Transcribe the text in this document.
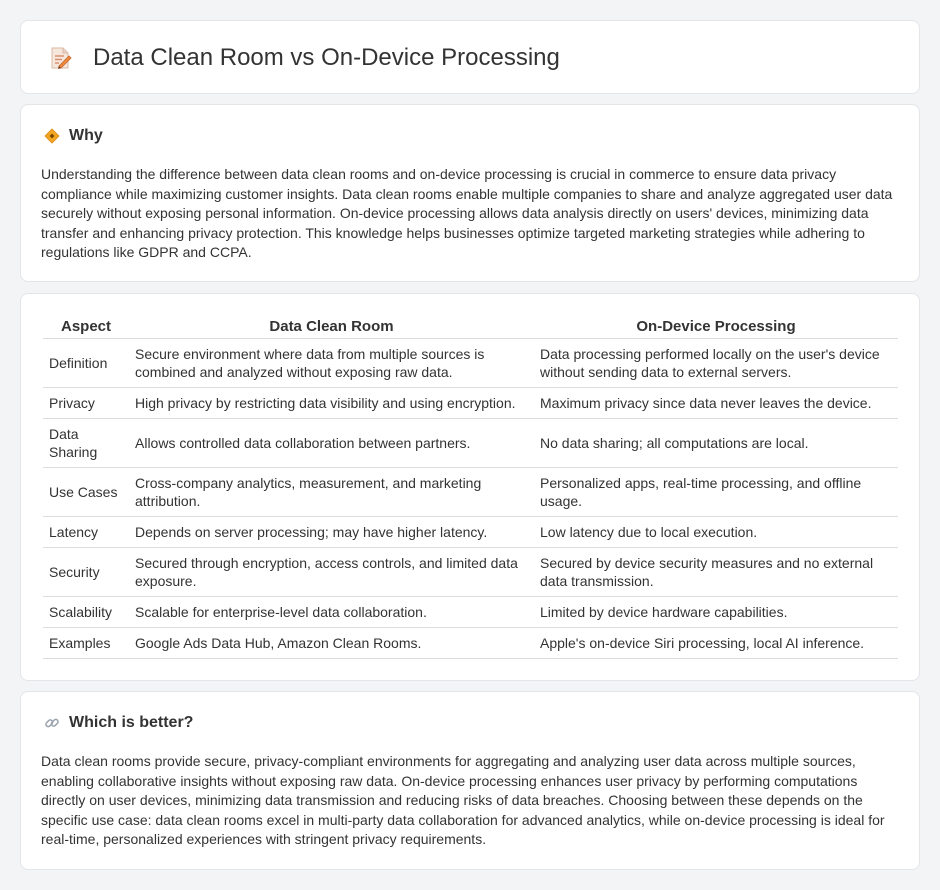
Data Clean Room vs On-Device Processing
Why

Understanding the difference between data clean rooms and on-device processing is crucial in commerce to ensure data privacy compliance while maximizing customer insights. Data clean rooms enable multiple companies to share and analyze aggregated user data securely without exposing personal information. On-device processing allows data analysis directly on users' devices, minimizing data transfer and enhancing privacy protection. This knowledge helps businesses optimize targeted marketing strategies while adhering to regulations like GDPR and CCPA.

Aspect	Data Clean Room	On-Device Processing
Definition	Secure environment where data from multiple sources is combined and analyzed without exposing raw data.	Data processing performed locally on the user's device without sending data to external servers.
Privacy	High privacy by restricting data visibility and using encryption.	Maximum privacy since data never leaves the device.
Data Sharing	Allows controlled data collaboration between partners.	No data sharing; all computations are local.
Use Cases	Cross-company analytics, measurement, and marketing attribution.	Personalized apps, real-time processing, and offline usage.
Latency	Depends on server processing; may have higher latency.	Low latency due to local execution.
Security	Secured through encryption, access controls, and limited data exposure.	Secured by device security measures and no external data transmission.
Scalability	Scalable for enterprise-level data collaboration.	Limited by device hardware capabilities.
Examples	Google Ads Data Hub, Amazon Clean Rooms.	Apple's on-device Siri processing, local AI inference.
Which is better?

Data clean rooms provide secure, privacy-compliant environments for aggregating and analyzing user data across multiple sources, enabling collaborative insights without exposing raw data. On-device processing enhances user privacy by performing computations directly on user devices, minimizing data transmission and reducing risks of data breaches. Choosing between these depends on the specific use case: data clean rooms excel in multi-party data collaboration for advanced analytics, while on-device processing is ideal for real-time, personalized experiences with stringent privacy requirements.
